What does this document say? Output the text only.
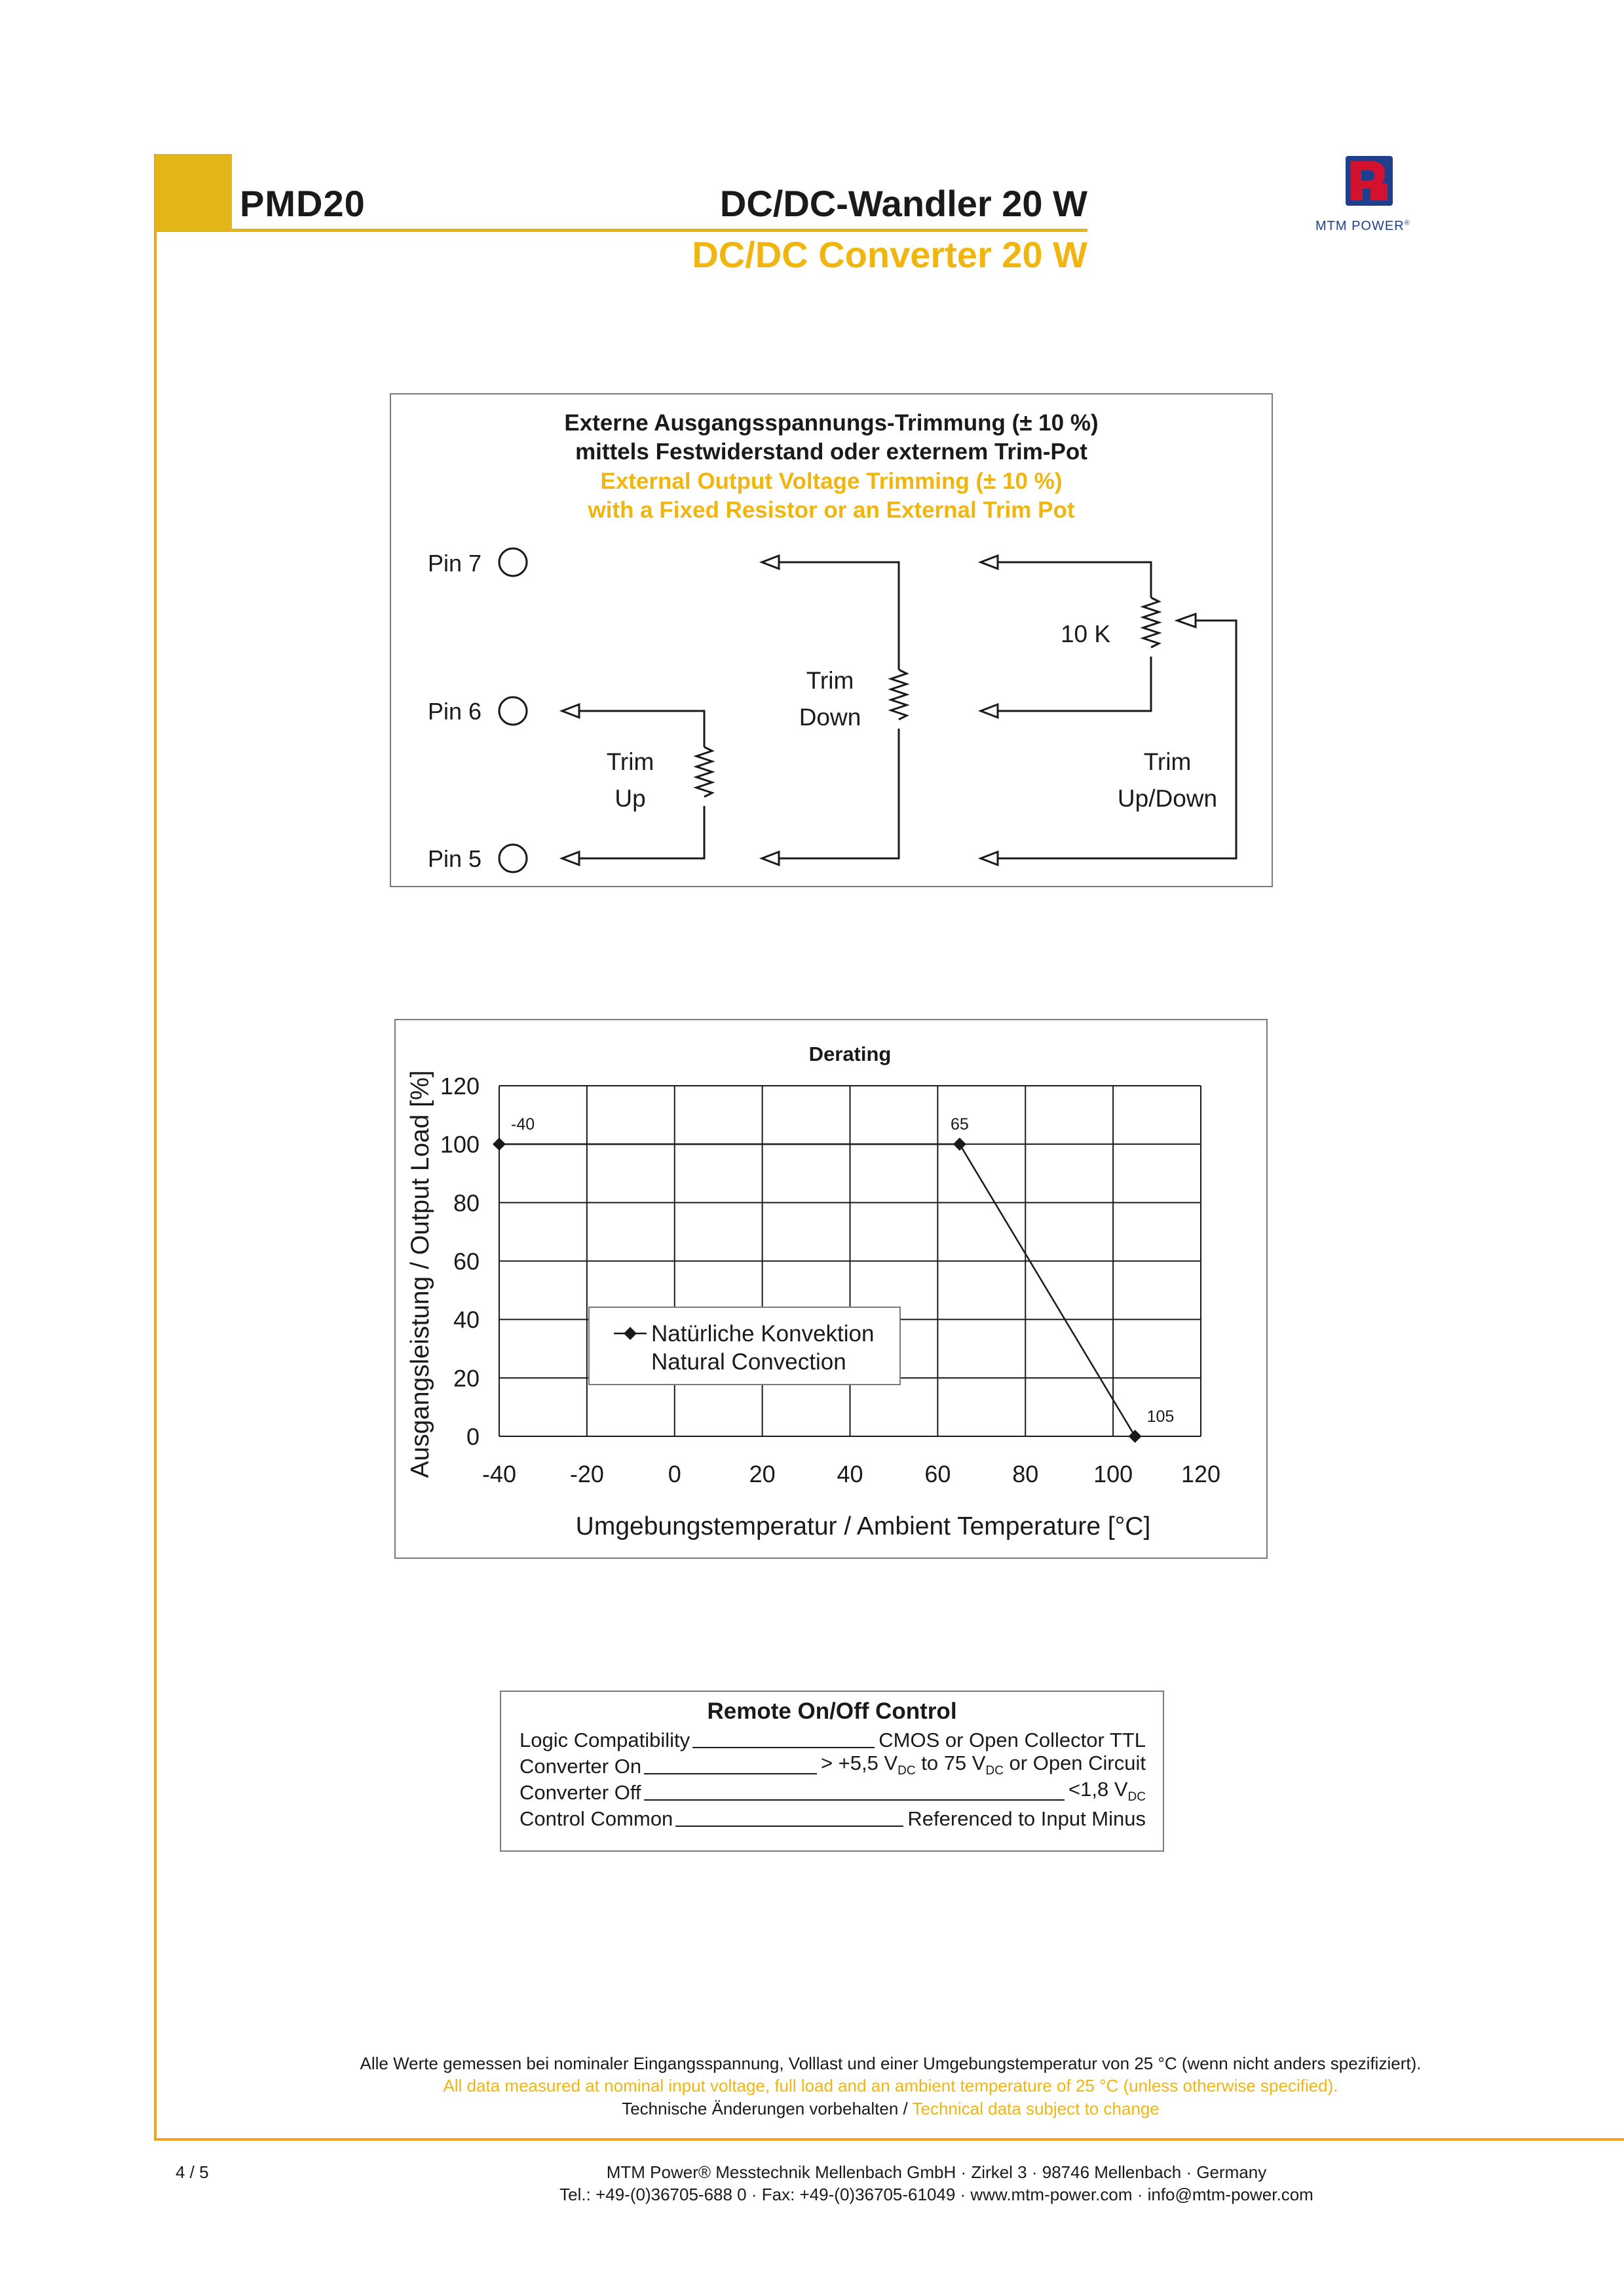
PMD20	DC/DC-Wandler 20 W
DC/DC Converter 20 W
MTM POWER®
Externe Ausgangsspannungs-Trimmung (± 10 %)
mittels Festwiderstand oder externem Trim-Pot
External Output Voltage Trimming (± 10 %)
with a Fixed Resistor or an External Trim Pot
Pin 7
Pin 6
Pin 5
Trim
Up
Trim
Down
10 K
Trim
Up/Down
Derating
-40 -20	0	20	40	60	80 100 120
0
20
40
60
80
100
120
Umgebungstemperatur / Ambient Temperature [°C]
Ausgangsleistung / Output Load [%]	-40	65
105
Natürliche Konvektion
Natural Convection
Remote On/Off Control
Logic Compatibility	CMOS or Open Collector TTL
Converter On	> +5,5 $V_{DC}$ to 75 $V_{DC}$ or Open Circuit
Converter Off	<1,8 $V_{DC}$
Control Common	Referenced to Input Minus
Alle Werte gemessen bei nominaler Eingangsspannung, Volllast und einer Umgebungstemperatur von 25 °C (wenn nicht anders spezifiziert).
All data measured at nominal input voltage, full load and an ambient temperature of 25 °C (unless otherwise specified).
Technische Änderungen vorbehalten / Technical data subject to change
4 / 5	MTM Power® Messtechnik Mellenbach GmbH · Zirkel 3 · 98746 Mellenbach · Germany
Tel.: +49-(0)36705-688 0 · Fax: +49-(0)36705-61049 · www.mtm-power.com · info@mtm-power.com
